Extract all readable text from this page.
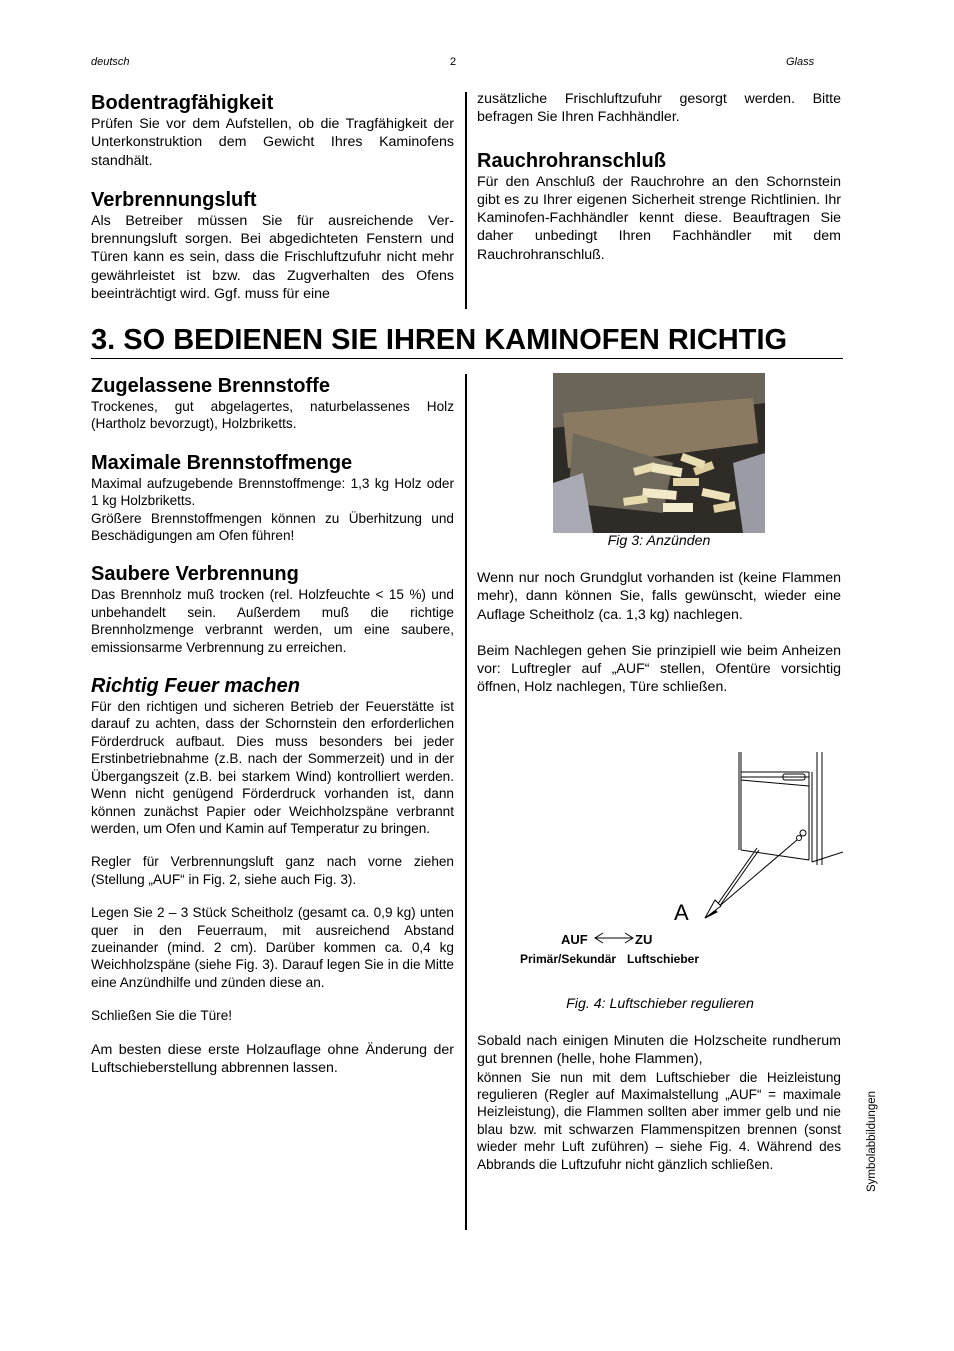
deutsch	2	Glass
Bodentragfähigkeit

Prüfen Sie vor dem Aufstellen, ob die Tragfähigkeit der Unterkonstruktion dem Gewicht Ihres Kaminofens standhält.

Verbrennungsluft

Als Betreiber müssen Sie für ausreichende Ver-brennungsluft sorgen. Bei abgedichteten Fenstern und Türen kann es sein, dass die Frischluftzufuhr nicht mehr gewährleistet ist bzw. das Zugverhalten des Ofens beeinträchtigt wird. Ggf. muss für eine

zusätzliche Frischluftzufuhr gesorgt werden. Bitte befragen Sie Ihren Fachhändler.

Rauchrohranschluß

Für den Anschluß der Rauchrohre an den Schornstein gibt es zu Ihrer eigenen Sicherheit strenge Richtlinien. Ihr Kaminofen-Fachhändler kennt diese. Beauftragen Sie daher unbedingt Ihren Fachhändler mit dem Rauchrohranschluß.

3. SO BEDIENEN SIE IHREN KAMINOFEN RICHTIG
Zugelassene Brennstoffe

Trockenes, gut abgelagertes, naturbelassenes Holz (Hartholz bevorzugt), Holzbriketts.

Maximale Brennstoffmenge

Maximal aufzugebende Brennstoffmenge: 1,3 kg Holz oder 1 kg Holzbriketts.

Größere Brennstoffmengen können zu Überhitzung und Beschädigungen am Ofen führen!

Saubere Verbrennung

Das Brennholz muß trocken (rel. Holzfeuchte < 15 %) und unbehandelt sein. Außerdem muß die richtige Brennholzmenge verbrannt werden, um eine saubere, emissionsarme Verbrennung zu erreichen.

Richtig Feuer machen

Für den richtigen und sicheren Betrieb der Feuerstätte ist darauf zu achten, dass der Schornstein den erforderlichen Förderdruck aufbaut. Dies muss besonders bei jeder Erstinbetriebnahme (z.B. nach der Sommerzeit) und in der Übergangszeit (z.B. bei starkem Wind) kontrolliert werden. Wenn nicht genügend Förderdruck vorhanden ist, dann können zunächst Papier oder Weichholzspäne verbrannt werden, um Ofen und Kamin auf Temperatur zu bringen.

Regler für Verbrennungsluft ganz nach vorne ziehen (Stellung „AUF“ in Fig. 2, siehe auch Fig. 3).

Legen Sie 2 – 3 Stück Scheitholz (gesamt ca. 0,9 kg) unten quer in den Feuerraum, mit ausreichend Abstand zueinander (mind. 2 cm). Darüber kommen ca. 0,4 kg Weichholzspäne (siehe Fig. 3). Darauf legen Sie in die Mitte eine Anzündhilfe und zünden diese an.

Schließen Sie die Türe!

Am besten diese erste Holzauflage ohne Änderung der Luftschieberstellung abbrennen lassen.

Fig 3: Anzünden

Wenn nur noch Grundglut vorhanden ist (keine Flammen mehr), dann können Sie, falls gewünscht, wieder eine Auflage Scheitholz (ca. 1,3 kg) nachlegen.

Beim Nachlegen gehen Sie prinzipiell wie beim Anheizen vor: Luftregler auf „AUF“ stellen, Ofentüre vorsichtig öffnen, Holz nachlegen, Türe schließen.

A
AUF	ZU
Primär/Sekundär Luftschieber
Fig. 4: Luftschieber regulieren

Sobald nach einigen Minuten die Holzscheite rundherum gut brennen (helle, hohe Flammen),

können Sie nun mit dem Luftschieber die Heizleistung regulieren (Regler auf Maximalstellung „AUF“ = maximale Heizleistung), die Flammen sollten aber immer gelb und nie blau bzw. mit schwarzen Flammenspitzen brennen (sonst wieder mehr Luft zuführen) – siehe Fig. 4. Während des Abbrands die Luftzufuhr nicht gänzlich schließen.	Symbolabbildungen
